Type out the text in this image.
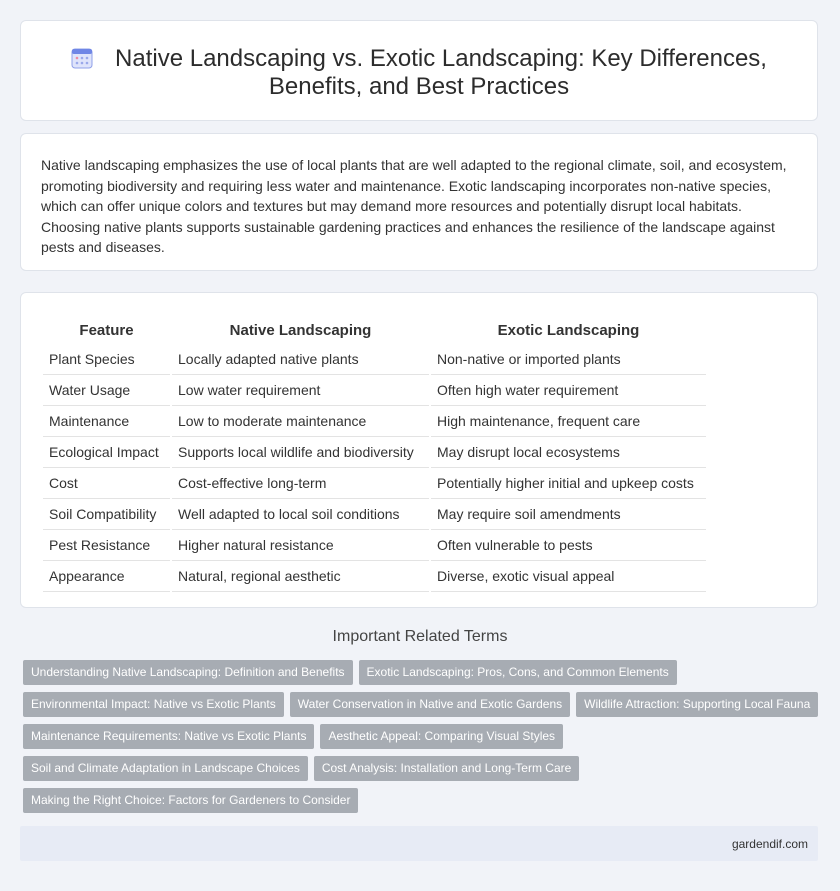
Native Landscaping vs. Exotic Landscaping: Key Differences,
Benefits, and Best Practices

Native landscaping emphasizes the use of local plants that are well adapted to the regional climate, soil, and ecosystem, promoting biodiversity and requiring less water and maintenance. Exotic landscaping incorporates non-native species, which can offer unique colors and textures but may demand more resources and potentially disrupt local habitats. Choosing native plants supports sustainable gardening practices and enhances the resilience of the landscape against pests and diseases.

Feature	Native Landscaping	Exotic Landscaping
Plant Species	Locally adapted native plants	Non-native or imported plants
Water Usage	Low water requirement	Often high water requirement
Maintenance	Low to moderate maintenance	High maintenance, frequent care
Ecological Impact	Supports local wildlife and biodiversity	May disrupt local ecosystems
Cost	Cost-effective long-term	Potentially higher initial and upkeep costs
Soil Compatibility	Well adapted to local soil conditions	May require soil amendments
Pest Resistance	Higher natural resistance	Often vulnerable to pests
Appearance	Natural, regional aesthetic	Diverse, exotic visual appeal
Important Related Terms
Understanding Native Landscaping: Definition and Benefits Exotic Landscaping: Pros, Cons, and Common Elements
Environmental Impact: Native vs Exotic Plants Water Conservation in Native and Exotic Gardens Wildlife Attraction: Supporting Local Fauna
Maintenance Requirements: Native vs Exotic Plants Aesthetic Appeal: Comparing Visual Styles
Soil and Climate Adaptation in Landscape Choices Cost Analysis: Installation and Long-Term Care
Making the Right Choice: Factors for Gardeners to Consider
gardendif.com
